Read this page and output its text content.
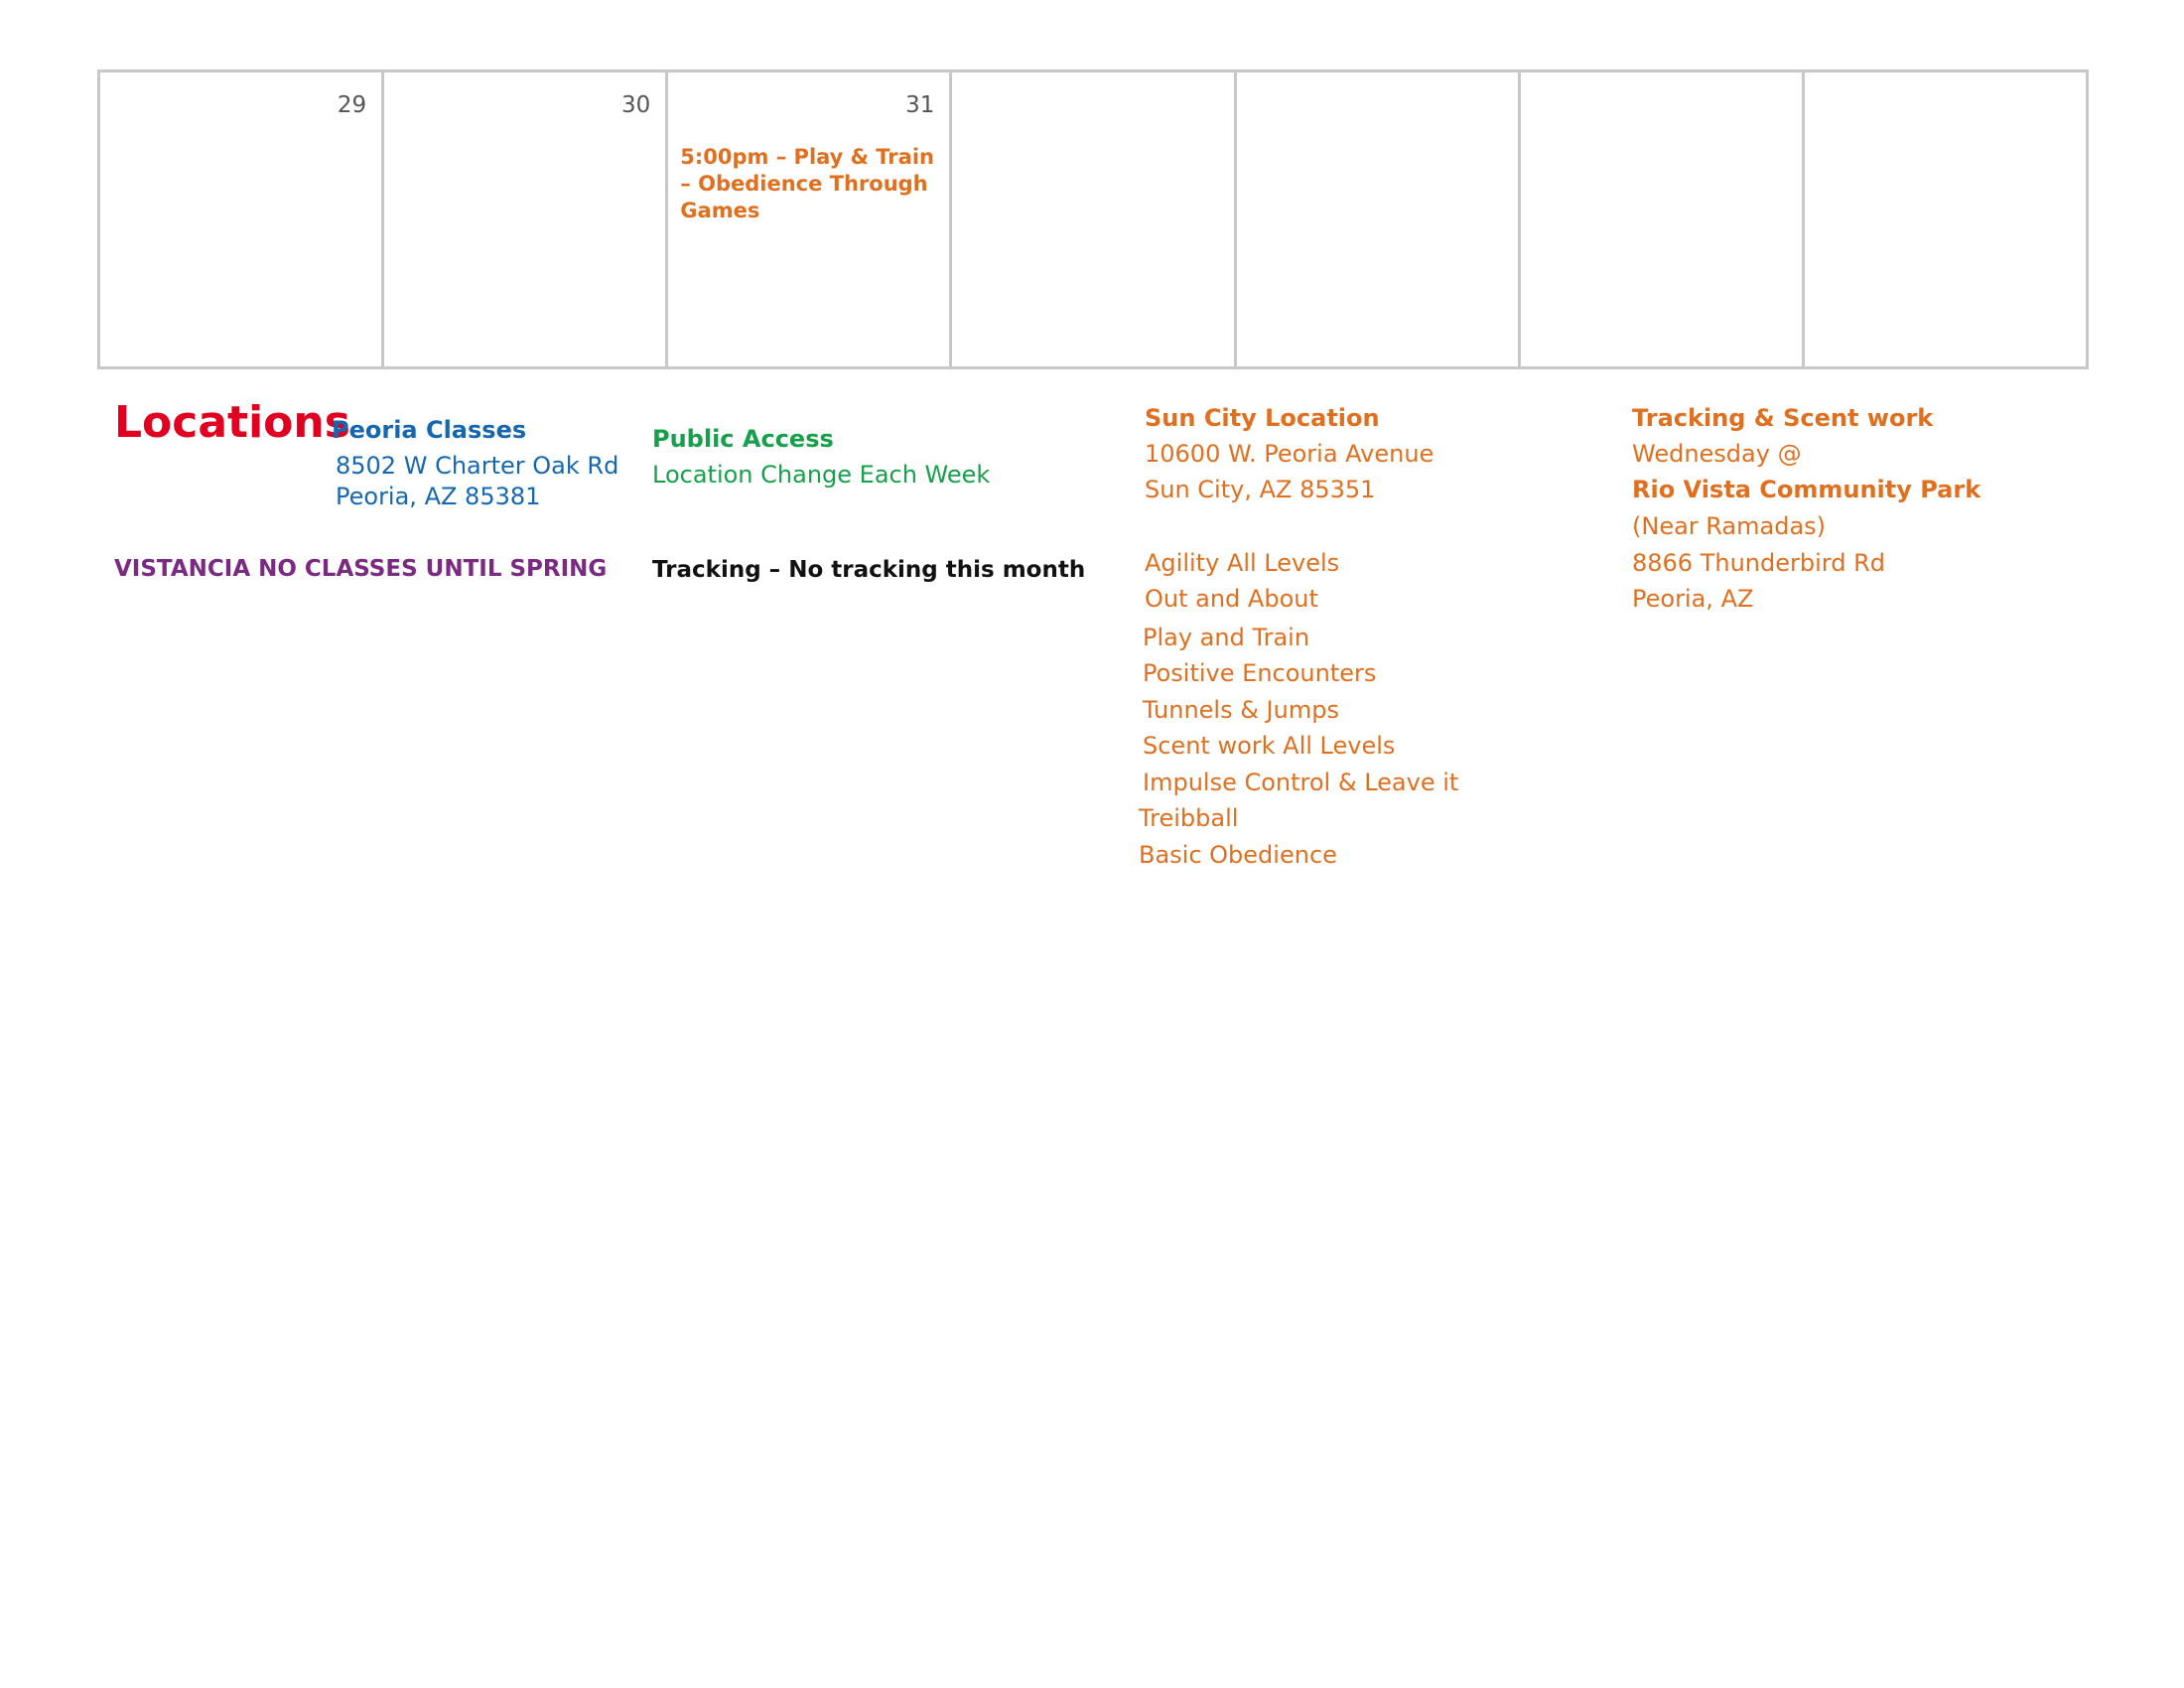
29	30	31
5:00pm – Play & Train – Obedience Through Games
Locations
Peoria Classes
8502 W Charter Oak Rd
Peoria, AZ 85381
Public Access
Location Change Each Week
VISTANCIA NO CLASSES UNTIL SPRING Tracking – No tracking this month
Sun City Location
10600 W. Peoria Avenue
Sun City, AZ 85351
Agility All Levels
Out and About
Play and Train
Positive Encounters
Tunnels & Jumps
Scent work All Levels
Impulse Control & Leave it
Treibball
Basic Obedience
Tracking & Scent work
Wednesday @
Rio Vista Community Park
(Near Ramadas)
8866 Thunderbird Rd
Peoria, AZ
